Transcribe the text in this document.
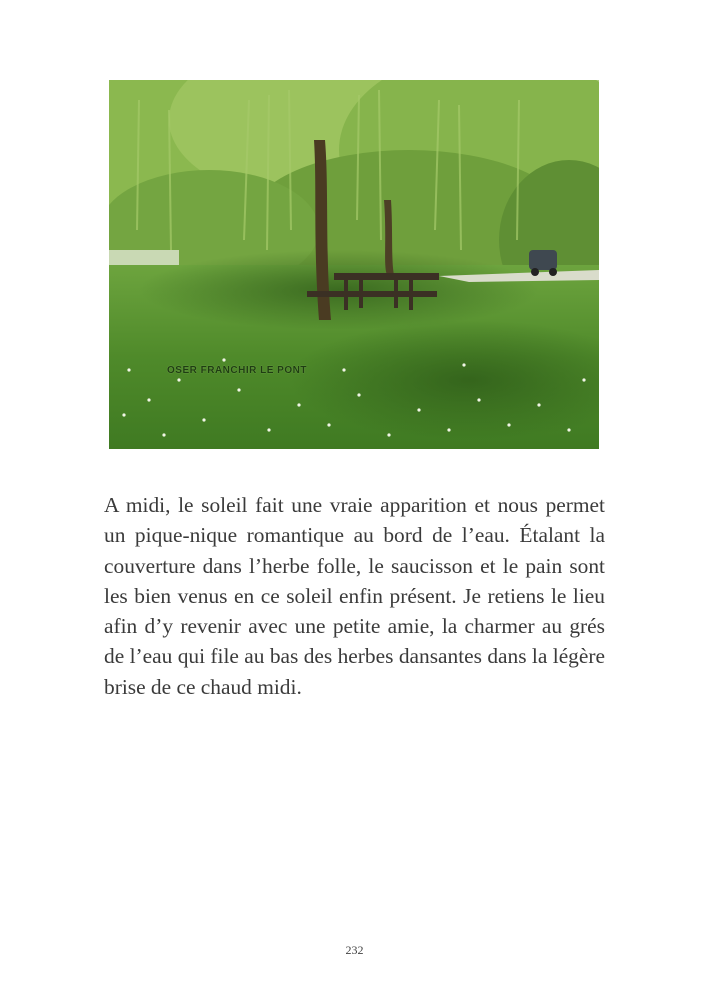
OSER FRANCHIR LE PONT

A midi, le soleil fait une vraie apparition et nous permet un pique-nique romantique au bord de l’eau. Étalant la couverture dans l’herbe folle, le saucisson et le pain sont les bien venus en ce soleil enfin présent. Je retiens le lieu afin d’y revenir avec une petite amie, la charmer au grés de l’eau qui file au bas des herbes dansantes dans la légère brise de ce chaud midi.

232
